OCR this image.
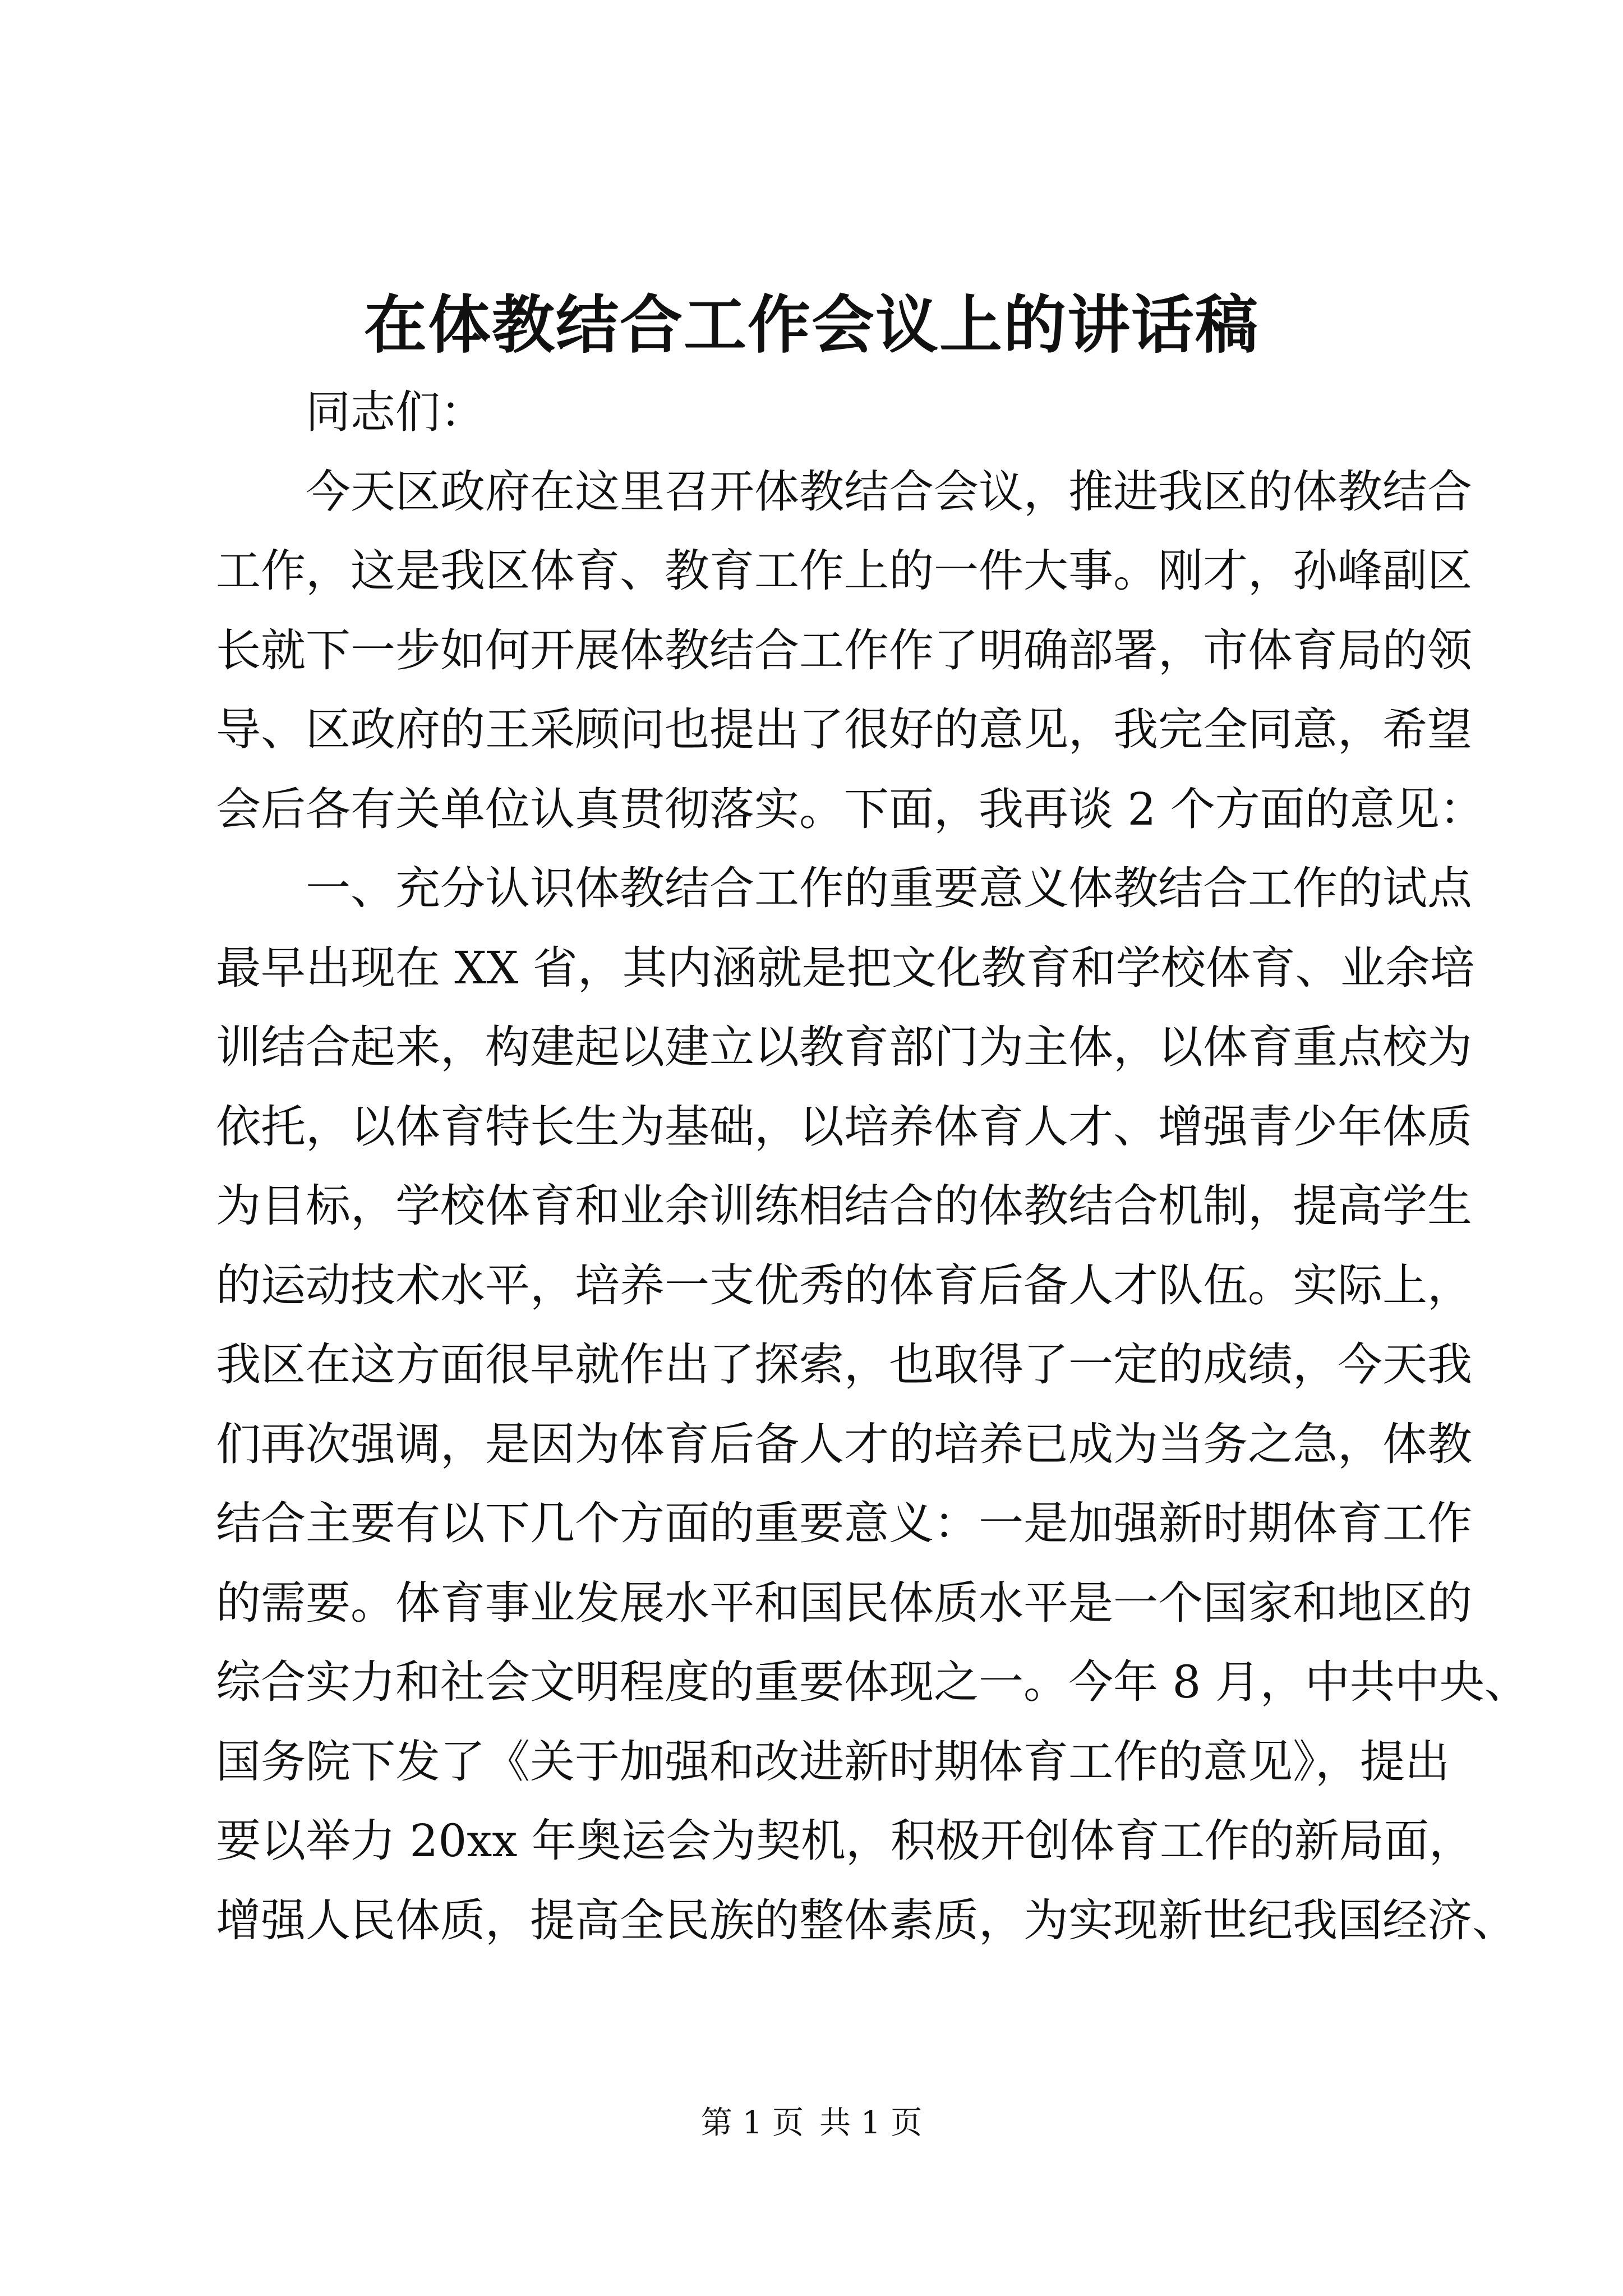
在体教结合工作会议上的讲话稿
同志们：
今天区政府在这里召开体教结合会议，推进我区的体教结合
工作，这是我区体育、教育工作上的一件大事。刚才，孙峰副区
长就下一步如何开展体教结合工作作了明确部署，市体育局的领
导、区政府的王采顾问也提出了很好的意见，我完全同意，希望
会后各有关单位认真贯彻落实。下面，我再谈 2 个方面的意见：
一、充分认识体教结合工作的重要意义体教结合工作的试点
最早出现在 XX 省，其内涵就是把文化教育和学校体育、业余培
训结合起来，构建起以建立以教育部门为主体，以体育重点校为
依托，以体育特长生为基础，以培养体育人才、增强青少年体质
为目标，学校体育和业余训练相结合的体教结合机制，提高学生
的运动技术水平，培养一支优秀的体育后备人才队伍。实际上，
我区在这方面很早就作出了探索，也取得了一定的成绩，今天我
们再次强调，是因为体育后备人才的培养已成为当务之急，体教
结合主要有以下几个方面的重要意义：一是加强新时期体育工作
的需要。体育事业发展水平和国民体质水平是一个国家和地区的
综合实力和社会文明程度的重要体现之一。今年 8 月，中共中央、
国务院下发了《关于加强和改进新时期体育工作的意见》，提出
要以举力 20xx 年奥运会为契机，积极开创体育工作的新局面，
增强人民体质，提高全民族的整体素质，为实现新世纪我国经济、
第 1 页 共 1 页
